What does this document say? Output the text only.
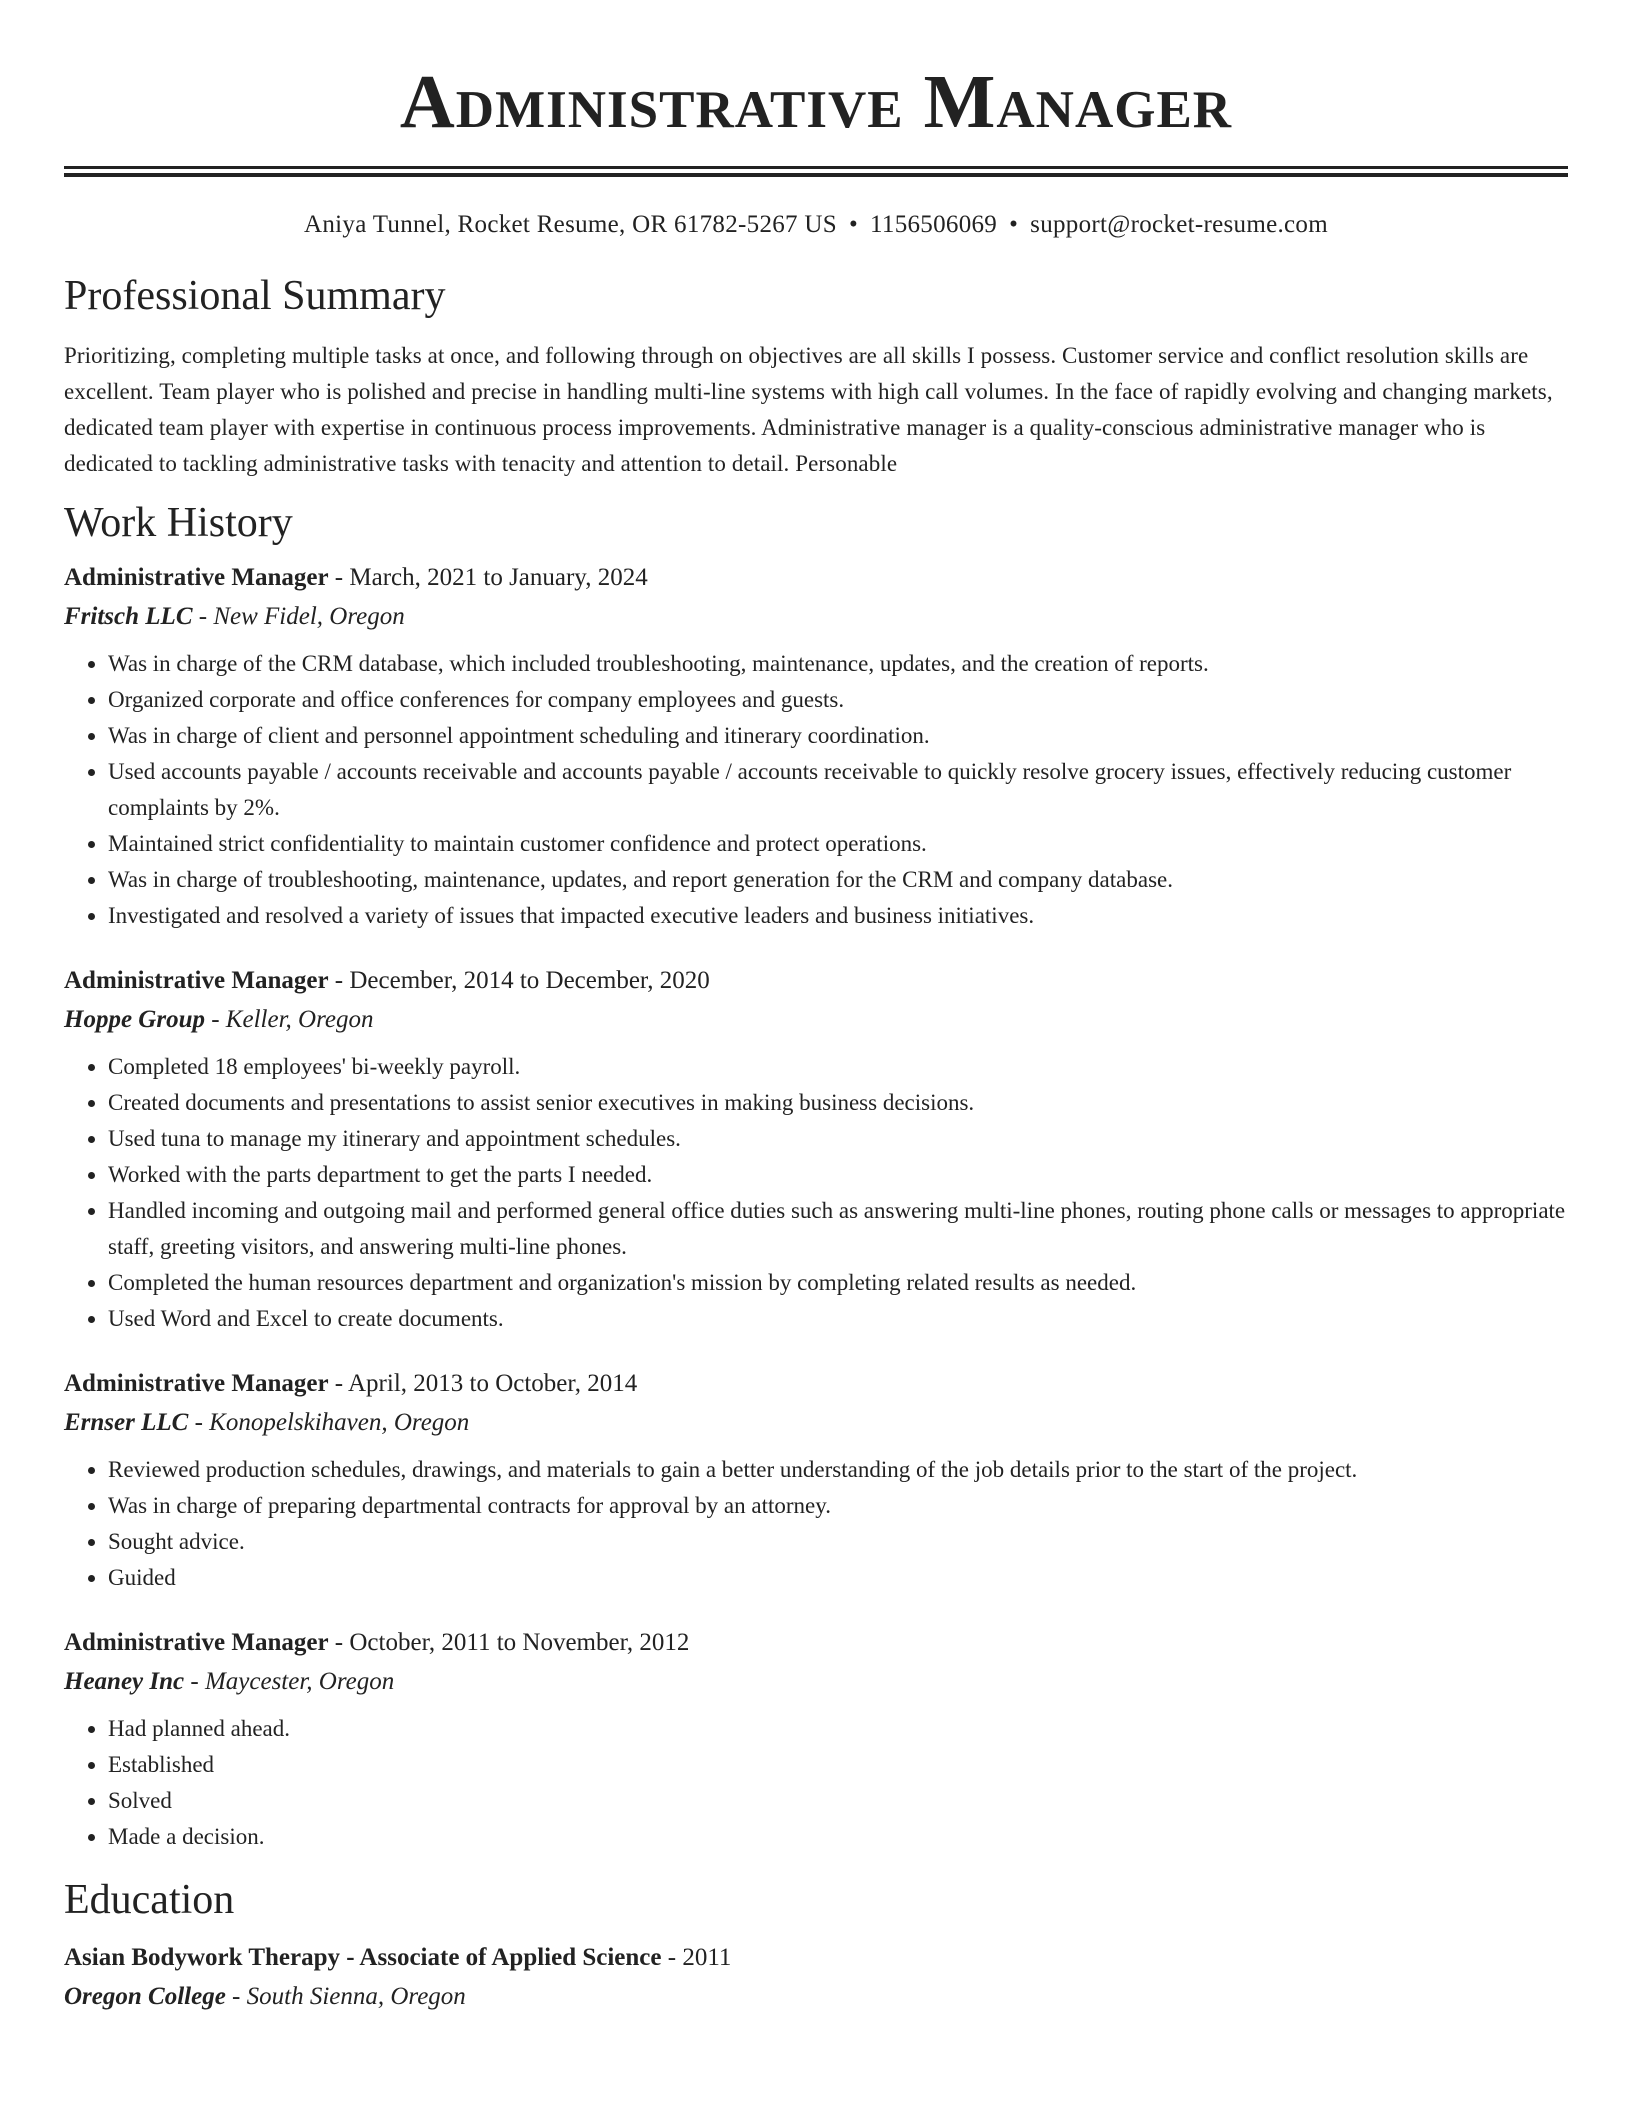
Administrative Manager
Aniya Tunnel, Rocket Resume, OR 61782-5267 US • 1156506069 • support@rocket-resume.com
Professional Summary

Prioritizing, completing multiple tasks at once, and following through on objectives are all skills I possess. Customer service and conflict resolution skills are excellent. Team player who is polished and precise in handling multi-line systems with high call volumes. In the face of rapidly evolving and changing markets, dedicated team player with expertise in continuous process improvements. Administrative manager is a quality-conscious administrative manager who is dedicated to tackling administrative tasks with tenacity and attention to detail. Personable

Work History
Administrative Manager - March, 2021 to January, 2024
Fritsch LLC - New Fidel, Oregon
• Was in charge of the CRM database, which included troubleshooting, maintenance, updates, and the creation of reports.
• Organized corporate and office conferences for company employees and guests.
• Was in charge of client and personnel appointment scheduling and itinerary coordination.
• Used accounts payable / accounts receivable and accounts payable / accounts receivable to quickly resolve grocery issues, effectively reducing customer complaints by 2%.
• Maintained strict confidentiality to maintain customer confidence and protect operations.
• Was in charge of troubleshooting, maintenance, updates, and report generation for the CRM and company database.
• Investigated and resolved a variety of issues that impacted executive leaders and business initiatives.
Administrative Manager - December, 2014 to December, 2020
Hoppe Group - Keller, Oregon
• Completed 18 employees' bi-weekly payroll.
• Created documents and presentations to assist senior executives in making business decisions.
• Used tuna to manage my itinerary and appointment schedules.
• Worked with the parts department to get the parts I needed.
• Handled incoming and outgoing mail and performed general office duties such as answering multi-line phones, routing phone calls or messages to appropriate staff, greeting visitors, and answering multi-line phones.
• Completed the human resources department and organization's mission by completing related results as needed.
• Used Word and Excel to create documents.
Administrative Manager - April, 2013 to October, 2014
Ernser LLC - Konopelskihaven, Oregon
• Reviewed production schedules, drawings, and materials to gain a better understanding of the job details prior to the start of the project.
• Was in charge of preparing departmental contracts for approval by an attorney.
• Sought advice.
• Guided
Administrative Manager - October, 2011 to November, 2012
Heaney Inc - Maycester, Oregon
• Had planned ahead.
• Established
• Solved
• Made a decision.
Education
Asian Bodywork Therapy - Associate of Applied Science - 2011
Oregon College - South Sienna, Oregon
